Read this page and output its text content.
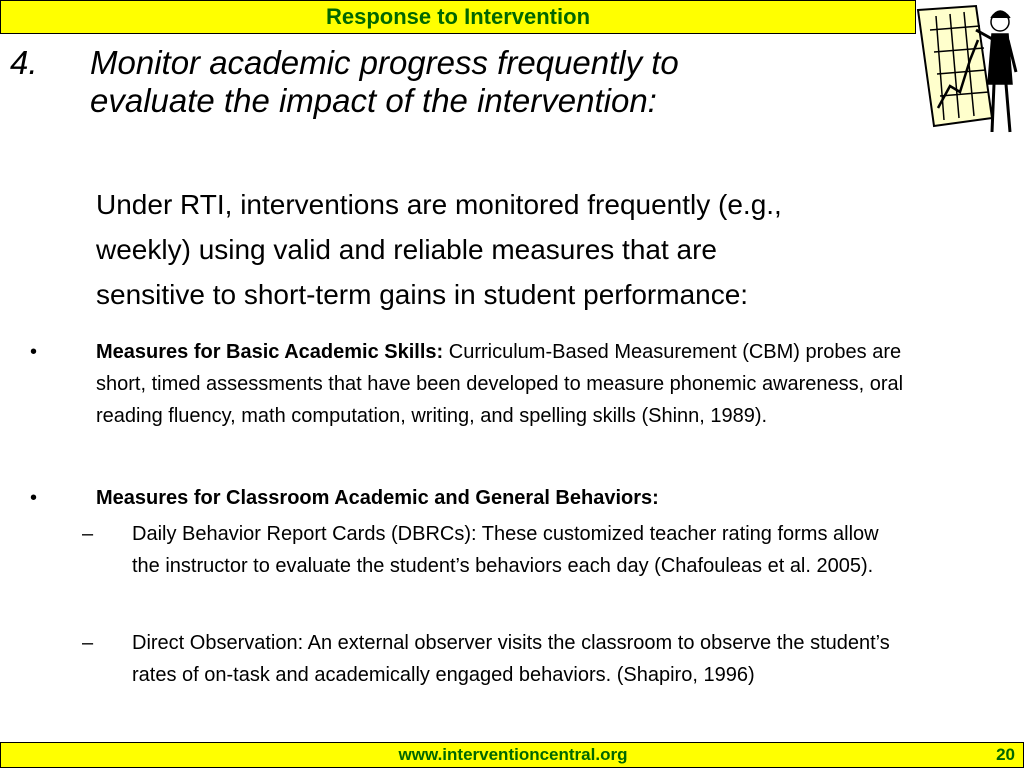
Response to Intervention
4. Monitor academic progress frequently to evaluate the impact of the intervention:
Under RTI, interventions are monitored frequently (e.g.,
weekly) using valid and reliable measures that are
sensitive to short-term gains in student performance:
•	Measures for Basic Academic Skills: Curriculum-Based Measurement (CBM) probes are short, timed assessments that have been developed to measure phonemic awareness, oral reading fluency, math computation, writing, and spelling skills (Shinn, 1989).
•	Measures for Classroom Academic and General Behaviors:
– Daily Behavior Report Cards (DBRCs): These customized teacher rating forms allow the instructor to evaluate the student’s behaviors each day (Chafouleas et al. 2005).
– Direct Observation: An external observer visits the classroom to observe the student’s rates of on-task and academically engaged behaviors. (Shapiro, 1996)
www.interventioncentral.org	20
